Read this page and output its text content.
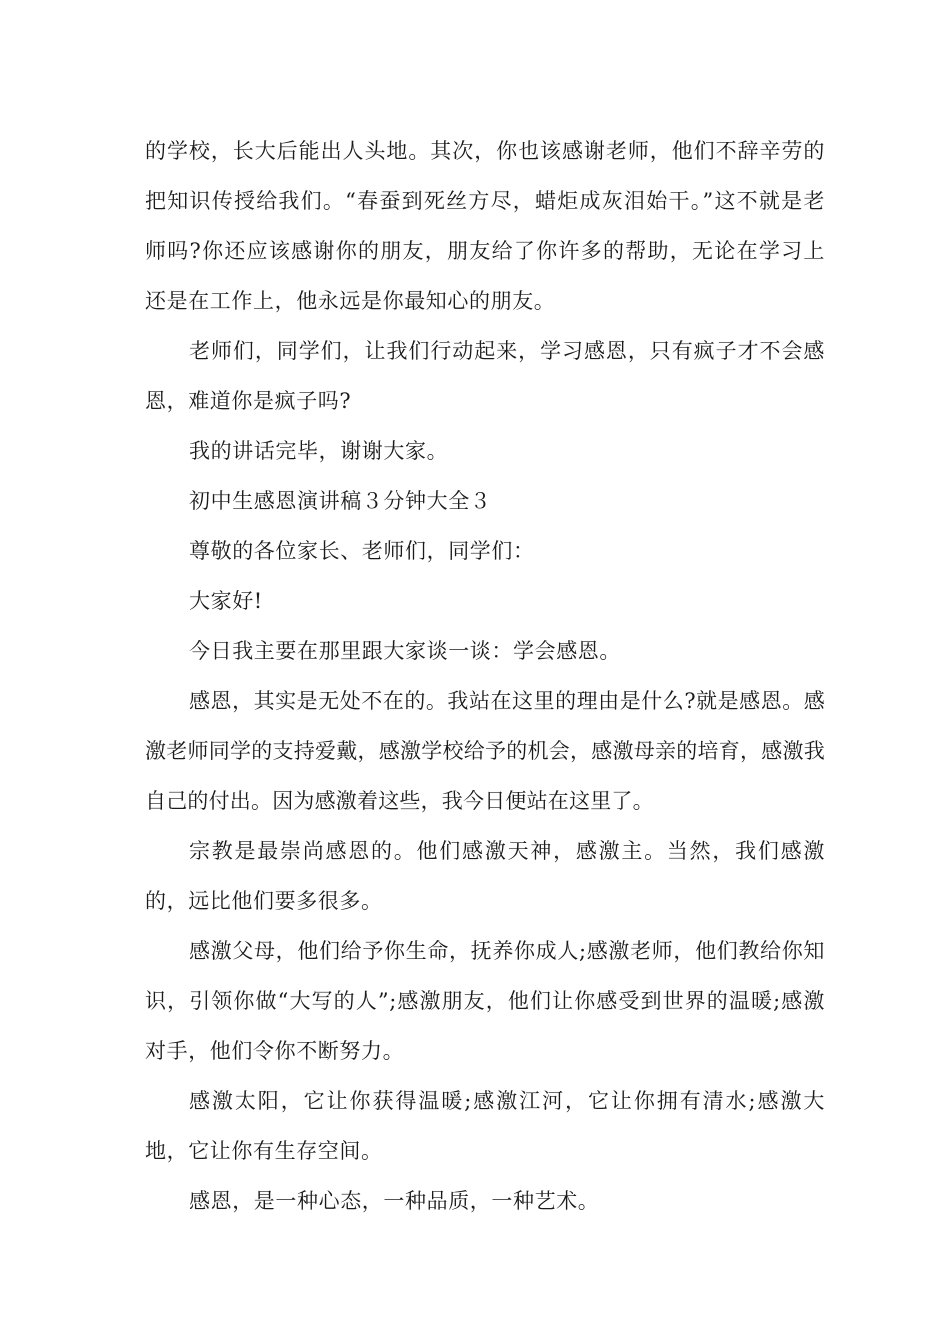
的学校，长大后能出人头地。其次，你也该感谢老师，他们不辞辛劳的把知识传授给我们。“春蚕到死丝方尽，蜡炬成灰泪始干。”这不就是老师吗?你还应该感谢你的朋友，朋友给了你许多的帮助，无论在学习上还是在工作上，他永远是你最知心的朋友。

老师们，同学们，让我们行动起来，学习感恩，只有疯子才不会感恩，难道你是疯子吗?

我的讲话完毕，谢谢大家。

初中生感恩演讲稿３分钟大全３

尊敬的各位家长、老师们，同学们：

大家好!

今日我主要在那里跟大家谈一谈：学会感恩。

感恩，其实是无处不在的。我站在这里的理由是什么?就是感恩。感激老师同学的支持爱戴，感激学校给予的机会，感激母亲的培育，感激我自己的付出。因为感激着这些，我今日便站在这里了。

宗教是最崇尚感恩的。他们感激天神，感激主。当然，我们感激的，远比他们要多很多。

感激父母，他们给予你生命，抚养你成人;感激老师，他们教给你知识，引领你做“大写的人”;感激朋友，他们让你感受到世界的温暖;感激对手，他们令你不断努力。

感激太阳，它让你获得温暖;感激江河，它让你拥有清水;感激大地，它让你有生存空间。

感恩，是一种心态，一种品质，一种艺术。
